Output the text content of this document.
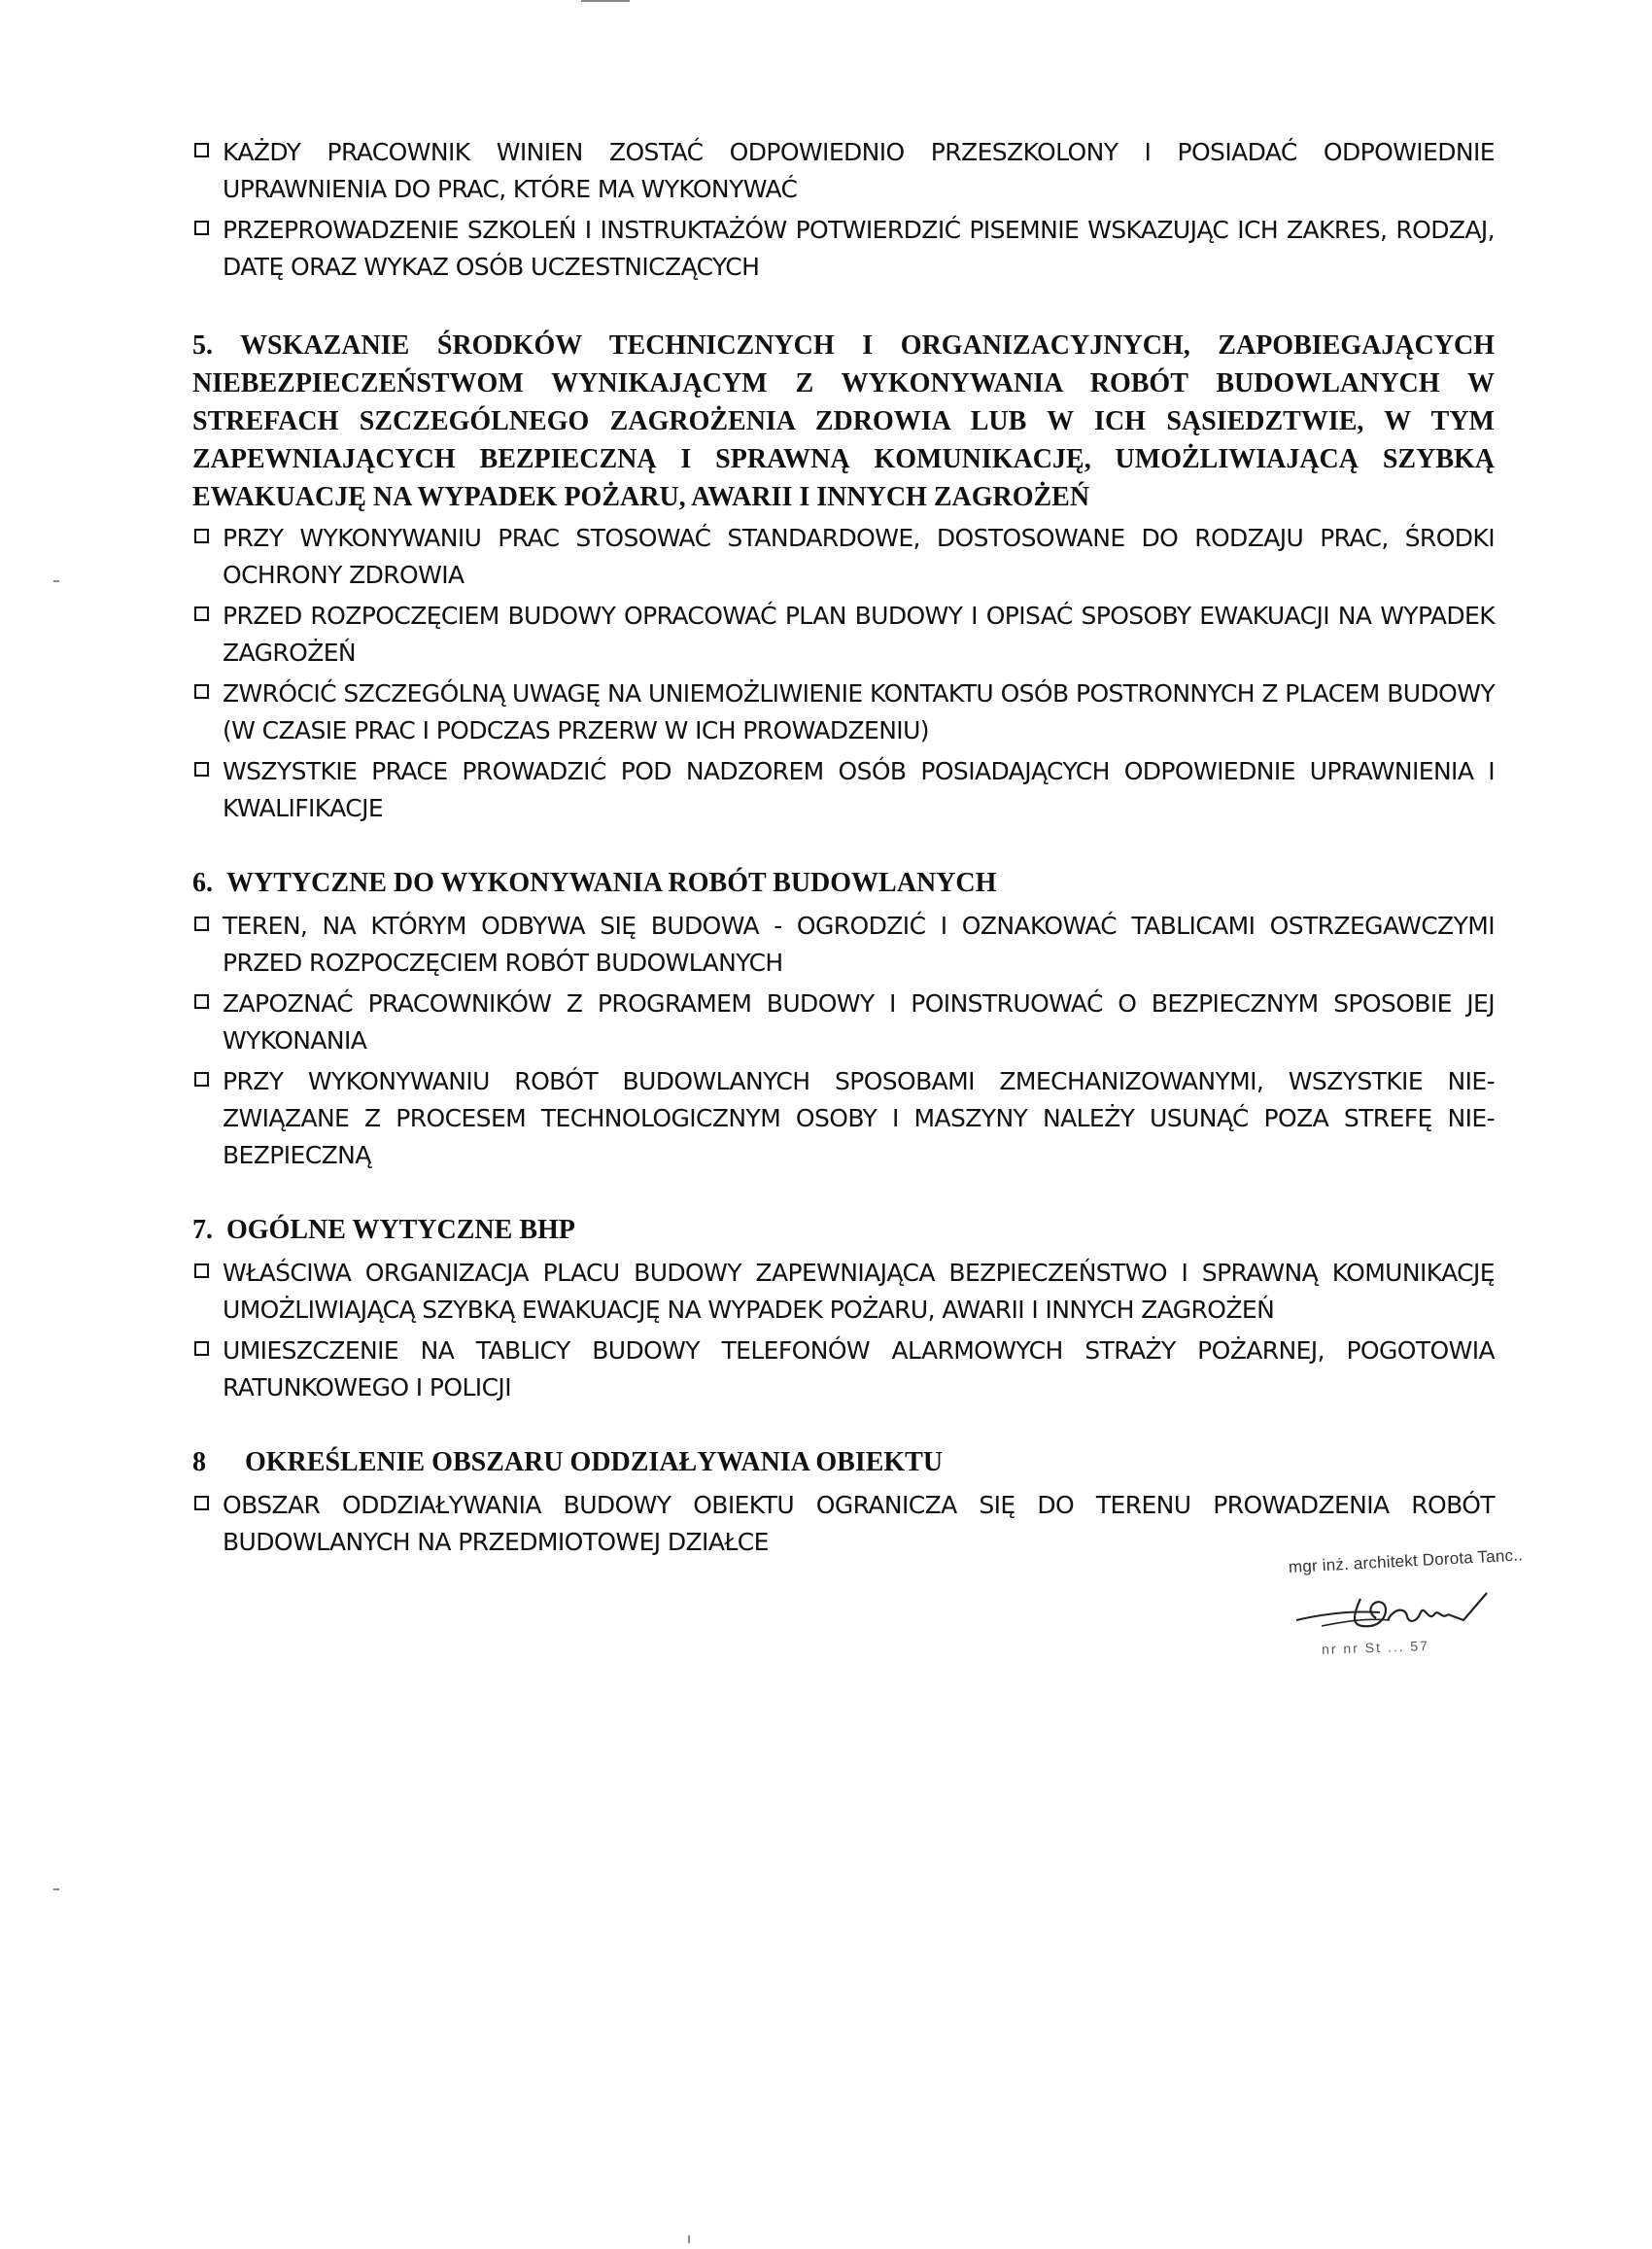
KAŻDY PRACOWNIK WINIEN ZOSTAĆ ODPOWIEDNIO PRZESZKOLONY I POSIADAĆ ODPOWIEDNIE UPRAWNIENIA DO PRAC, KTÓRE MA WYKONYWAĆ
PRZEPROWADZENIE SZKOLEŃ I INSTRUKTAŻÓW POTWIERDZIĆ PISEMNIE WSKAZUJĄC ICH ZAKRES, RODZAJ, DATĘ ORAZ WYKAZ OSÓB UCZESTNICZĄCYCH
5. WSKAZANIE ŚRODKÓW TECHNICZNYCH I ORGANIZACYJNYCH, ZAPOBIEGAJĄCYCH NIEBEZPIECZEŃSTWOM WYNIKAJĄCYM Z WYKONYWANIA ROBÓT BUDOWLANYCH W STREFACH SZCZEGÓLNEGO ZAGROŻENIA ZDROWIA LUB W ICH SĄSIEDZTWIE, W TYM ZAPEWNIAJĄCYCH BEZPIECZNĄ I SPRAWNĄ KOMUNIKACJĘ, UMOŻLIWIAJĄCĄ SZYBKĄ EWAKUACJĘ NA WYPADEK POŻARU, AWARII I INNYCH ZAGROŻEŃ
PRZY WYKONYWANIU PRAC STOSOWAĆ STANDARDOWE, DOSTOSOWANE DO RODZAJU PRAC, ŚRODKI OCHRONY ZDROWIA
PRZED ROZPOCZĘCIEM BUDOWY OPRACOWAĆ PLAN BUDOWY I OPISAĆ SPOSOBY EWAKUACJI NA WYPADEK ZAGROŻEŃ
ZWRÓCIĆ SZCZEGÓLNĄ UWAGĘ NA UNIEMOŻLIWIENIE KONTAKTU OSÓB POSTRONNYCH Z PLACEM BUDOWY (W CZASIE PRAC I PODCZAS PRZERW W ICH PROWADZENIU)
WSZYSTKIE PRACE PROWADZIĆ POD NADZOREM OSÓB POSIADAJĄCYCH ODPOWIEDNIE UPRAWNIENIA I KWALIFIKACJE
6. WYTYCZNE DO WYKONYWANIA ROBÓT BUDOWLANYCH
TEREN, NA KTÓRYM ODBYWA SIĘ BUDOWA - OGRODZIĆ I OZNAKOWAĆ TABLICAMI OSTRZEGAWCZYMI PRZED ROZPOCZĘCIEM ROBÓT BUDOWLANYCH
ZAPOZNAĆ PRACOWNIKÓW Z PROGRAMEM BUDOWY I POINSTRUOWAĆ O BEZPIECZNYM SPOSOBIE JEJ WYKONANIA
PRZY WYKONYWANIU ROBÓT BUDOWLANYCH SPOSOBAMI ZMECHANIZOWANYMI, WSZYSTKIE NIE-ZWIĄZANE Z PROCESEM TECHNOLOGICZNYM OSOBY I MASZYNY NALEŻY USUNĄĆ POZA STREFĘ NIE-BEZPIECZNĄ
7. OGÓLNE WYTYCZNE BHP
WŁAŚCIWA ORGANIZACJA PLACU BUDOWY ZAPEWNIAJĄCA BEZPIECZEŃSTWO I SPRAWNĄ KOMUNIKACJĘ UMOŻLIWIAJĄCĄ SZYBKĄ EWAKUACJĘ NA WYPADEK POŻARU, AWARII I INNYCH ZAGROŻEŃ
UMIESZCZENIE NA TABLICY BUDOWY TELEFONÓW ALARMOWYCH STRAŻY POŻARNEJ, POGOTOWIA RATUNKOWEGO I POLICJI
8 OKREŚLENIE OBSZARU ODDZIAŁYWANIA OBIEKTU
OBSZAR ODDZIAŁYWANIA BUDOWY OBIEKTU OGRANICZA SIĘ DO TERENU PROWADZENIA ROBÓT BUDOWLANYCH NA PRZEDMIOTOWEJ DZIAŁCE
mgr inż. architekt Dorota Tanc..
nr nr St ... 57
